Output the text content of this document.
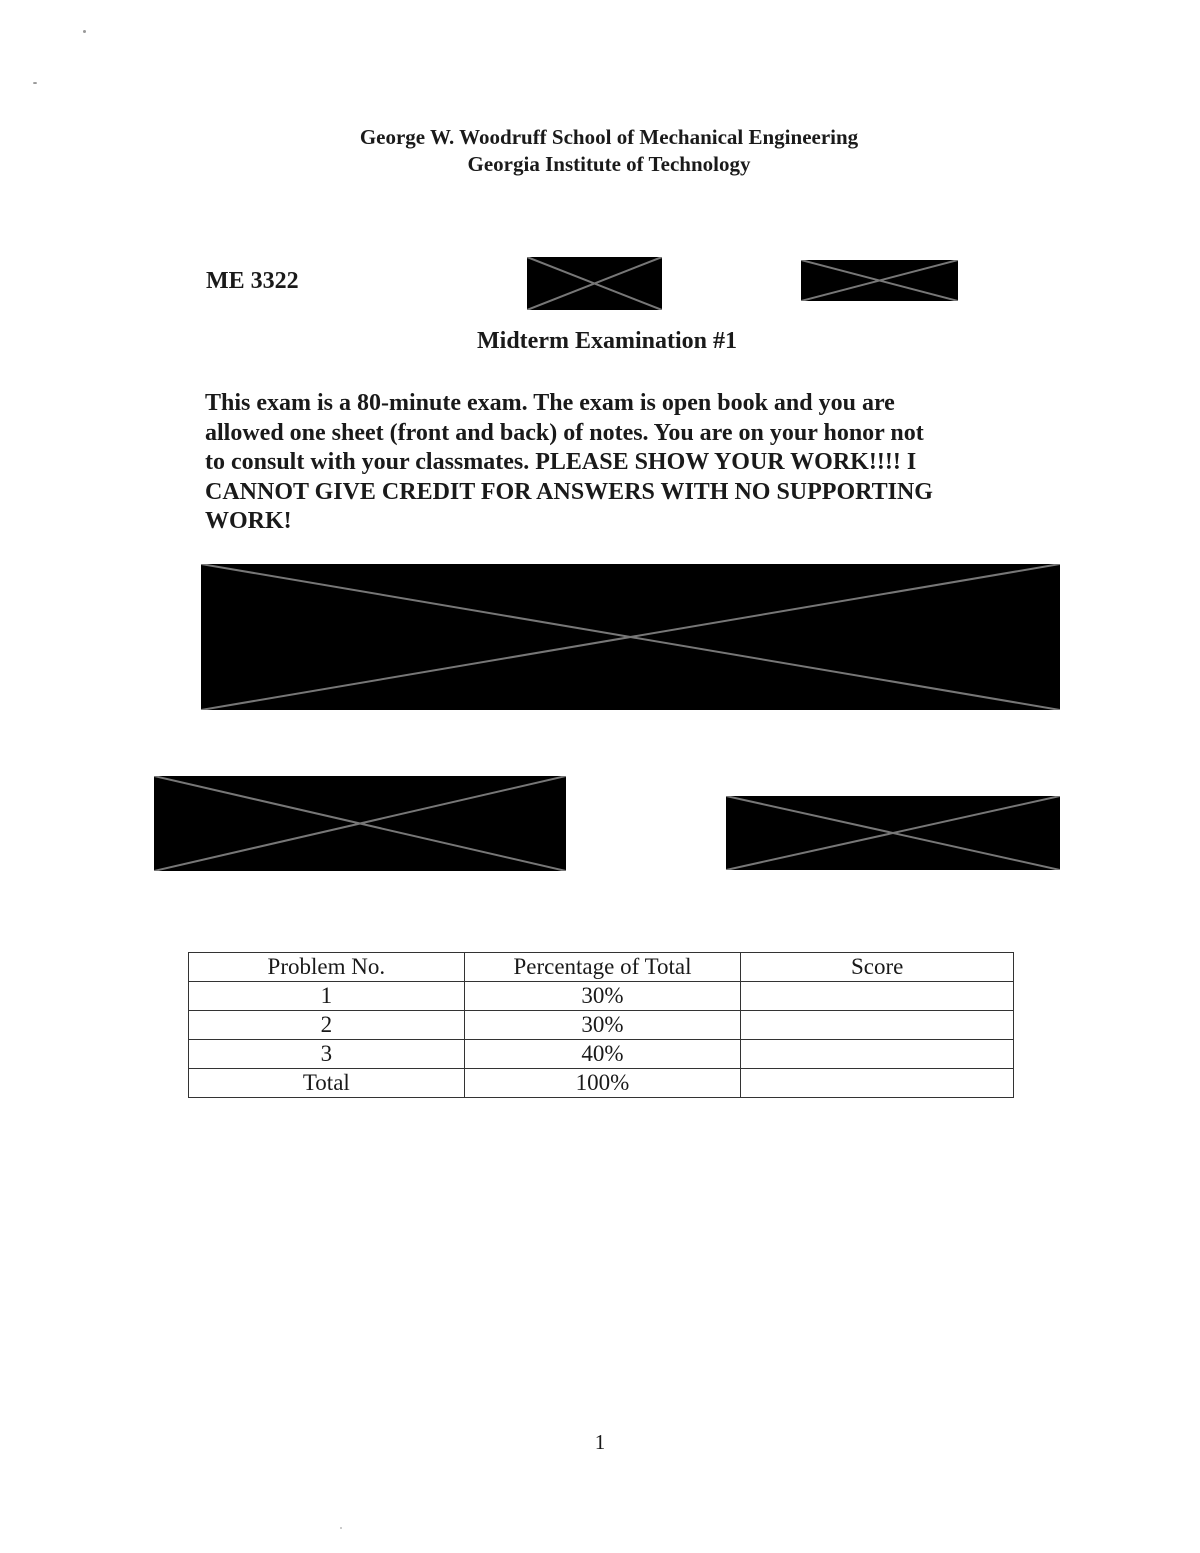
George W. Woodruff School of Mechanical Engineering
Georgia Institute of Technology
ME 3322
Midterm Examination #1
This exam is a 80-minute exam. The exam is open book and you are
allowed one sheet (front and back) of notes. You are on your honor not
to consult with your classmates. PLEASE SHOW YOUR WORK!!!! I
CANNOT GIVE CREDIT FOR ANSWERS WITH NO SUPPORTING
WORK!
Problem No.	Percentage of Total	Score
1	30%	
2	30%	
3	40%	
Total	100%	
1
